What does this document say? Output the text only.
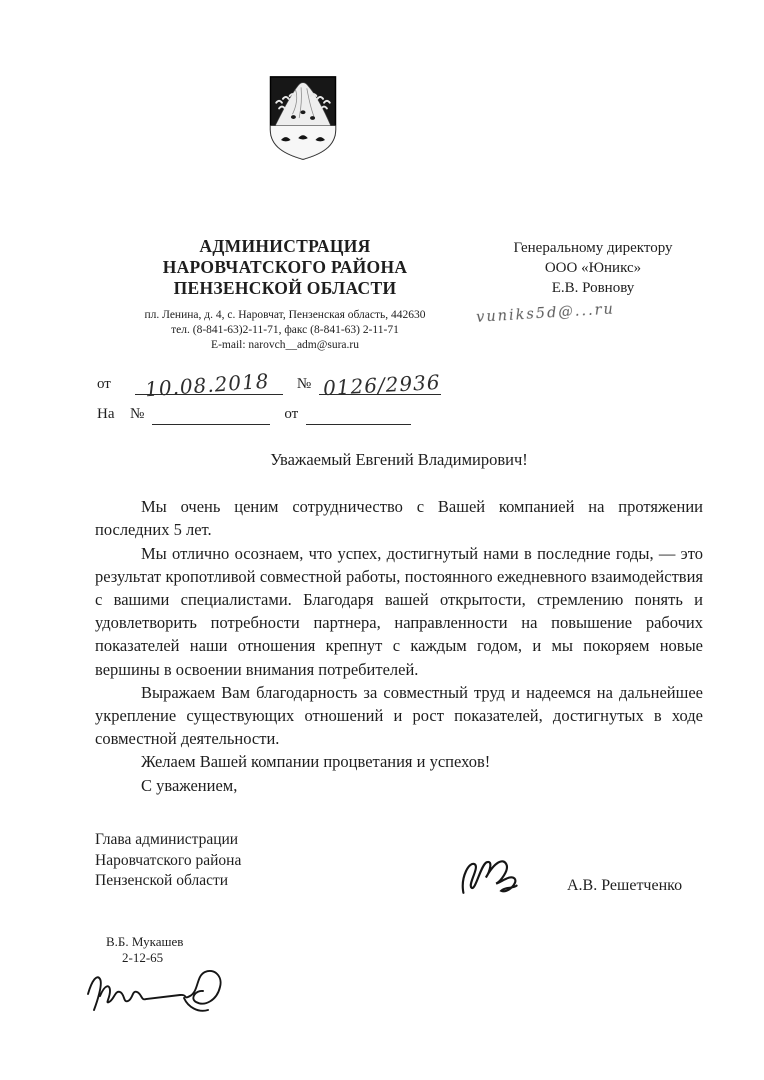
АДМИНИСТРАЦИЯ
НАРОВЧАТСКОГО РАЙОНА
ПЕНЗЕНСКОЙ ОБЛАСТИ
пл. Ленина, д. 4, с. Наровчат, Пензенская область, 442630
тел. (8-841-63)2-11-71, факс (8-841-63) 2-11-71
E-mail: narovch__adm@sura.ru
Генеральному директору
ООО «Юникс»
Е.В. Ровнову
vuniks5d@...ru
от 10.08.2018 № 0126/2936
На №	от

Уважаемый Евгений Владимирович!

Мы очень ценим сотрудничество с Вашей компанией на протяжении последних 5 лет.

Мы отлично осознаем, что успех, достигнутый нами в последние годы, — это результат кропотливой совместной работы, постоянного ежедневного взаимодействия с вашими специалистами. Благодаря вашей открытости, стремлению понять и удовлетворить потребности партнера, направленности на повышение рабочих показателей наши отношения крепнут с каждым годом, и мы покоряем новые вершины в освоении внимания потребителей.

Выражаем Вам благодарность за совместный труд и надеемся на дальнейшее укрепление существующих отношений и рост показателей, достигнутых в ходе совместной деятельности.

Желаем Вашей компании процветания и успехов!

С уважением,

Глава администрации
Наровчатского района
Пензенской области	А.В. Решетченко
В.Б. Мукашев
2-12-65
